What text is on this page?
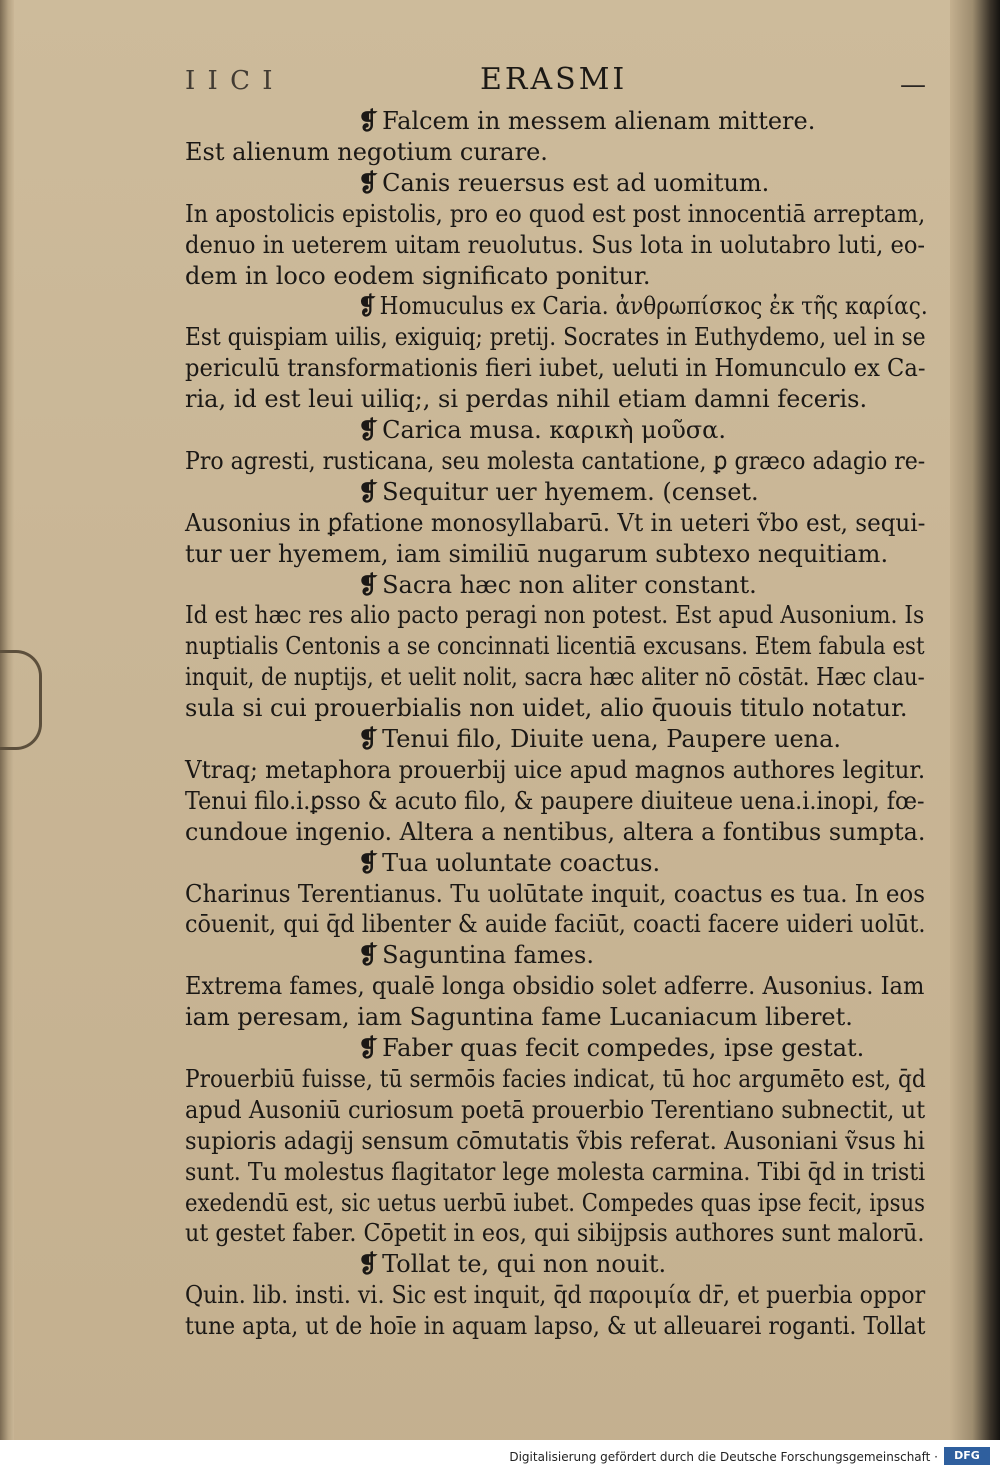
I I C I	ERASMI	—
❡ Falcem in messem alienam mittere.
Est alienum negotium curare.
❡ Canis reuersus est ad uomitum.
In apostolicis epistolis, pro eo quod est post innocentiā arreptam,
denuo in ueterem uitam reuolutus. Sus lota in uolutabro luti, eo-
dem in loco eodem significato ponitur.
❡ Homuculus ex Caria. ἀνθρωπίσκος ἐκ τῆς καρίας.
Est quispiam uilis, exiguiq; pretij. Socrates in Euthydemo, uel in se
periculū transformationis fieri iubet, ueluti in Homunculo ex Ca-
ria, id est leui uiliq;, si perdas nihil etiam damni feceris.
❡ Carica musa. καρικὴ μοῦσα.
Pro agresti, rusticana, seu molesta cantatione, ꝑ græco adagio re-
❡ Sequitur uer hyemem. (censet.
Ausonius in ꝑfatione monosyllabarū. Vt in ueteri ṽbo est, sequi-
tur uer hyemem, iam similiū nugarum subtexo nequitiam.
❡ Sacra hæc non aliter constant.
Id est hæc res alio pacto peragi non potest. Est apud Ausonium. Is
nuptialis Centonis a se concinnati licentiā excusans. Etem fabula est
inquit, de nuptijs, et uelit nolit, sacra hæc aliter nō cōstāt. Hæc clau-
sula si cui prouerbialis non uidet, alio q̄uouis titulo notatur.
❡ Tenui filo, Diuite uena, Paupere uena.
Vtraq; metaphora prouerbij uice apud magnos authores legitur.
Tenui filo.i.ꝑsso & acuto filo, & paupere diuiteue uena.i.inopi, fœ-
cundoue ingenio. Altera a nentibus, altera a fontibus sumpta.
❡ Tua uoluntate coactus.
Charinus Terentianus. Tu uolūtate inquit, coactus es tua. In eos
cōuenit, qui q̄d libenter & auide faciūt, coacti facere uideri uolūt.
❡ Saguntina fames.
Extrema fames, qualē longa obsidio solet adferre. Ausonius. Iam
iam peresam, iam Saguntina fame Lucaniacum liberet.
❡ Faber quas fecit compedes, ipse gestat.
Prouerbiū fuisse, tū sermōis facies indicat, tū hoc argumēto est, q̄d
apud Ausoniū curiosum poetā prouerbio Terentiano subnectit, ut
supioris adagij sensum cōmutatis ṽbis referat. Ausoniani ṽsus hi
sunt. Tu molestus flagitator lege molesta carmina. Tibi q̄d in tristi
exedendū est, sic uetus uerbū iubet. Compedes quas ipse fecit, ipsus
ut gestet faber. Cōpetit in eos, qui sibijpsis authores sunt malorū.
❡ Tollat te, qui non nouit.
Quin. lib. insti. vi. Sic est inquit, q̄d παροιμία dr̄, et puerbia oppor
tune apta, ut de hoīe in aquam lapso, & ut alleuarei roganti. Tollat
Digitalisierung gefördert durch die Deutsche Forschungsgemeinschaft ·	DFG
